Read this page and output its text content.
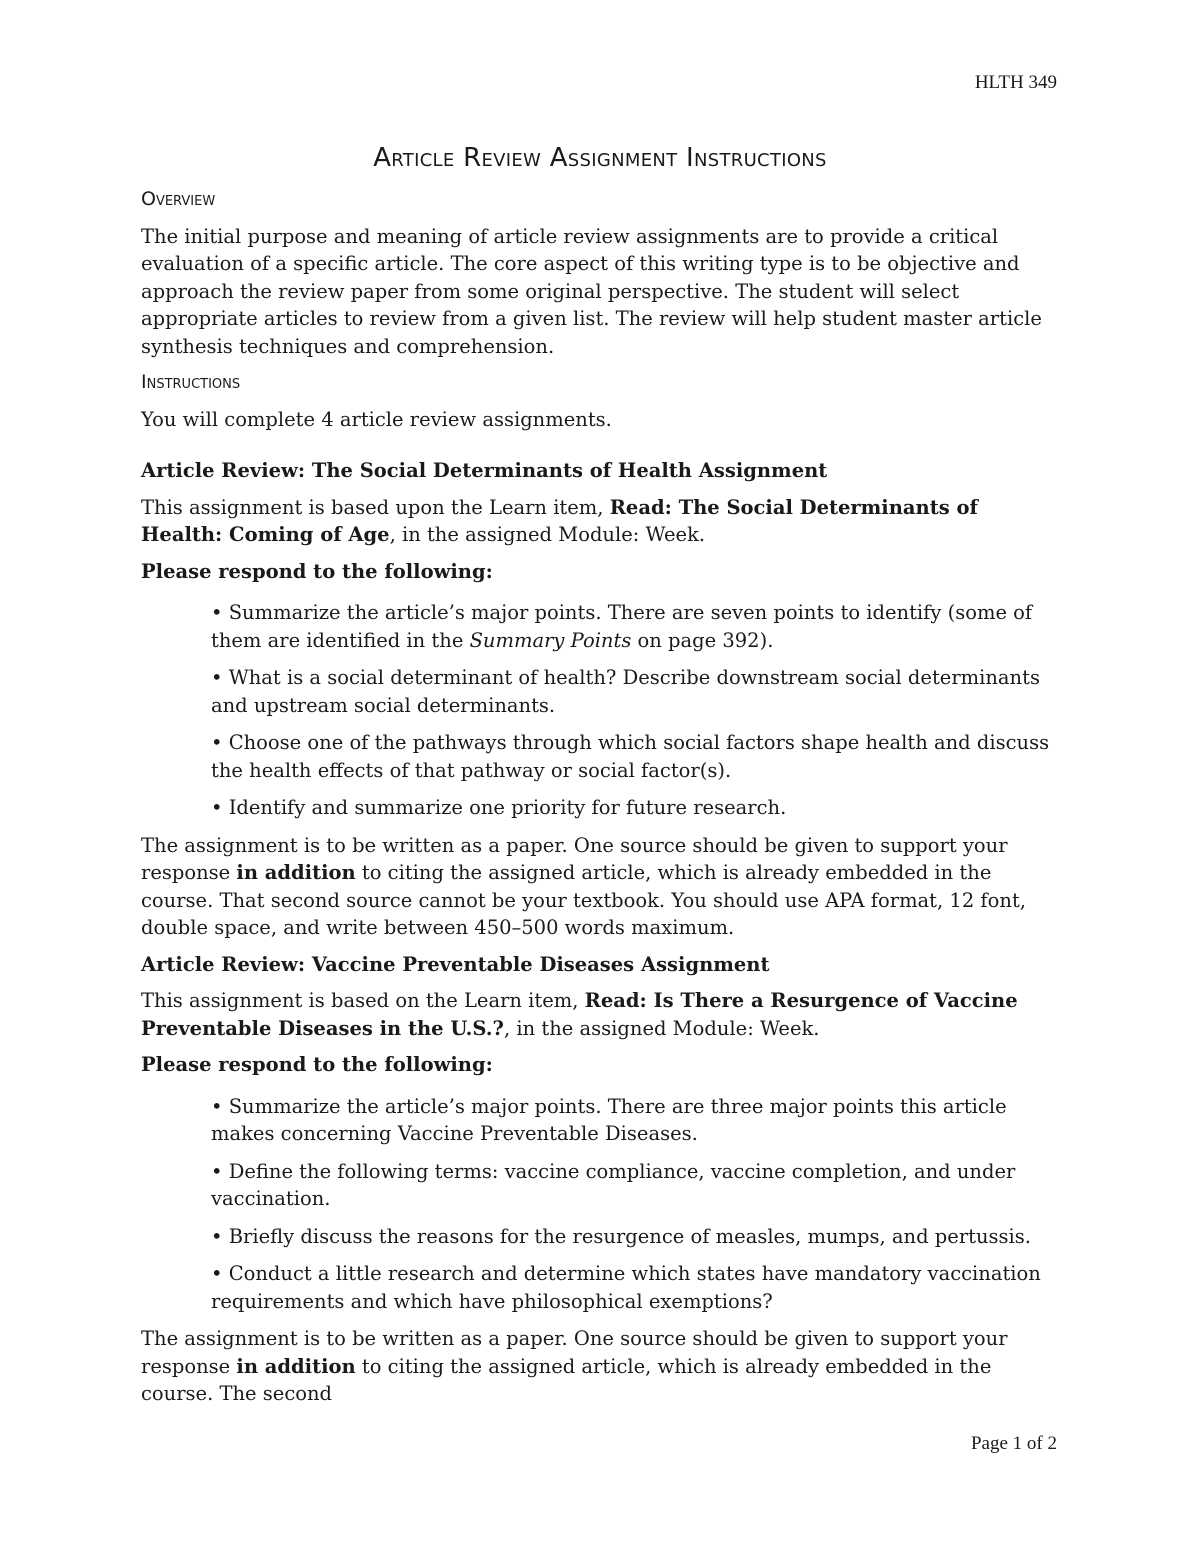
HLTH 349
Article Review Assignment Instructions

Overview

The initial purpose and meaning of article review assignments are to provide a critical evaluation of a specific article. The core aspect of this writing type is to be objective and approach the review paper from some original perspective. The student will select appropriate articles to review from a given list. The review will help student master article synthesis techniques and comprehension.

Instructions

You will complete 4 article review assignments.

Article Review: The Social Determinants of Health Assignment

This assignment is based upon the Learn item, Read: The Social Determinants of Health: Coming of Age, in the assigned Module: Week.

Please respond to the following:

• Summarize the article’s major points. There are seven points to identify (some of them are identified in the Summary Points on page 392).

• What is a social determinant of health? Describe downstream social determinants and upstream social determinants.

• Choose one of the pathways through which social factors shape health and discuss the health effects of that pathway or social factor(s).

• Identify and summarize one priority for future research.

The assignment is to be written as a paper. One source should be given to support your response in addition to citing the assigned article, which is already embedded in the course. That second source cannot be your textbook. You should use APA format, 12 font, double space, and write between 450–500 words maximum.

Article Review: Vaccine Preventable Diseases Assignment

This assignment is based on the Learn item, Read: Is There a Resurgence of Vaccine Preventable Diseases in the U.S.?, in the assigned Module: Week.

Please respond to the following:

• Summarize the article’s major points. There are three major points this article makes concerning Vaccine Preventable Diseases.

• Define the following terms: vaccine compliance, vaccine completion, and under vaccination.

• Briefly discuss the reasons for the resurgence of measles, mumps, and pertussis.

• Conduct a little research and determine which states have mandatory vaccination requirements and which have philosophical exemptions?

The assignment is to be written as a paper. One source should be given to support your response in addition to citing the assigned article, which is already embedded in the course. The second

Page 1 of 2
